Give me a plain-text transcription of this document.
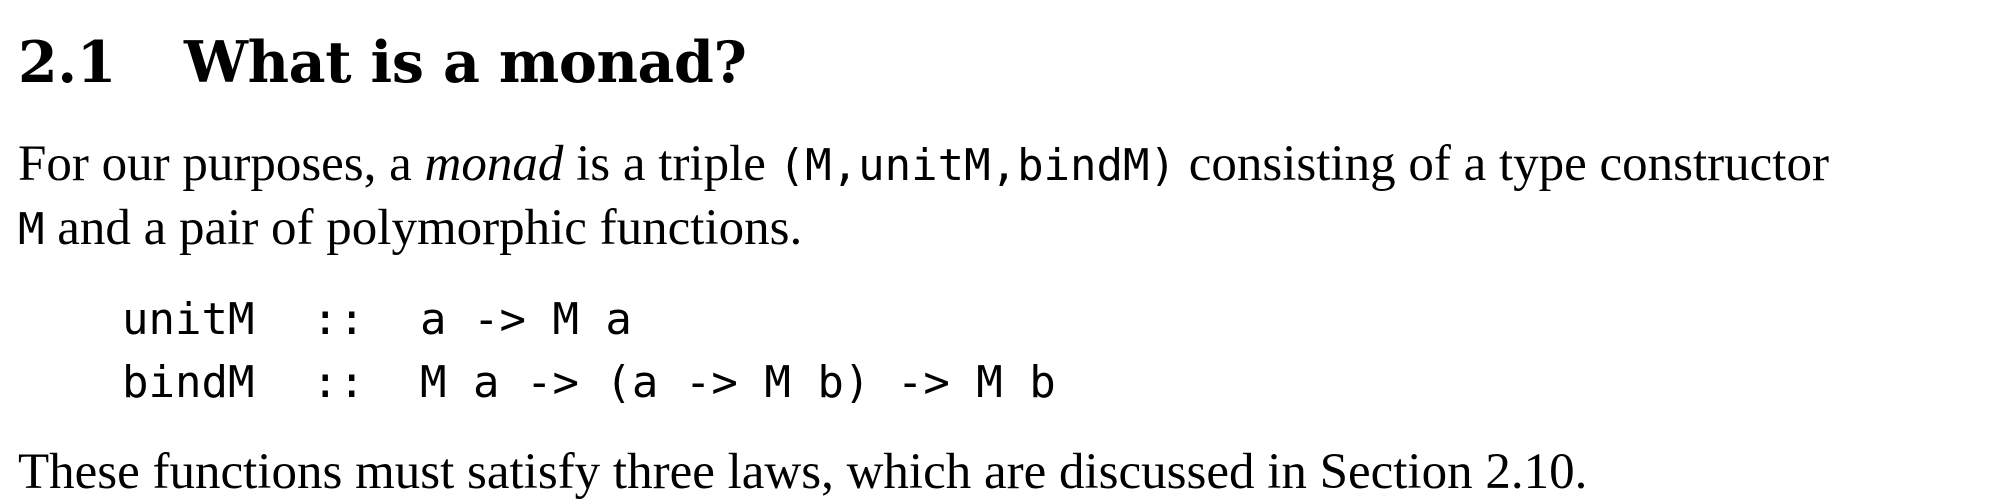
2.1 What is a monad?
For our purposes, a monad is a triple (M,unitM,bindM) consisting of a type constructor
M and a pair of polymorphic functions.
unitM :: a -> M a
bindM :: M a -> (a -> M b) -> M b
These functions must satisfy three laws, which are discussed in Section 2.10.
